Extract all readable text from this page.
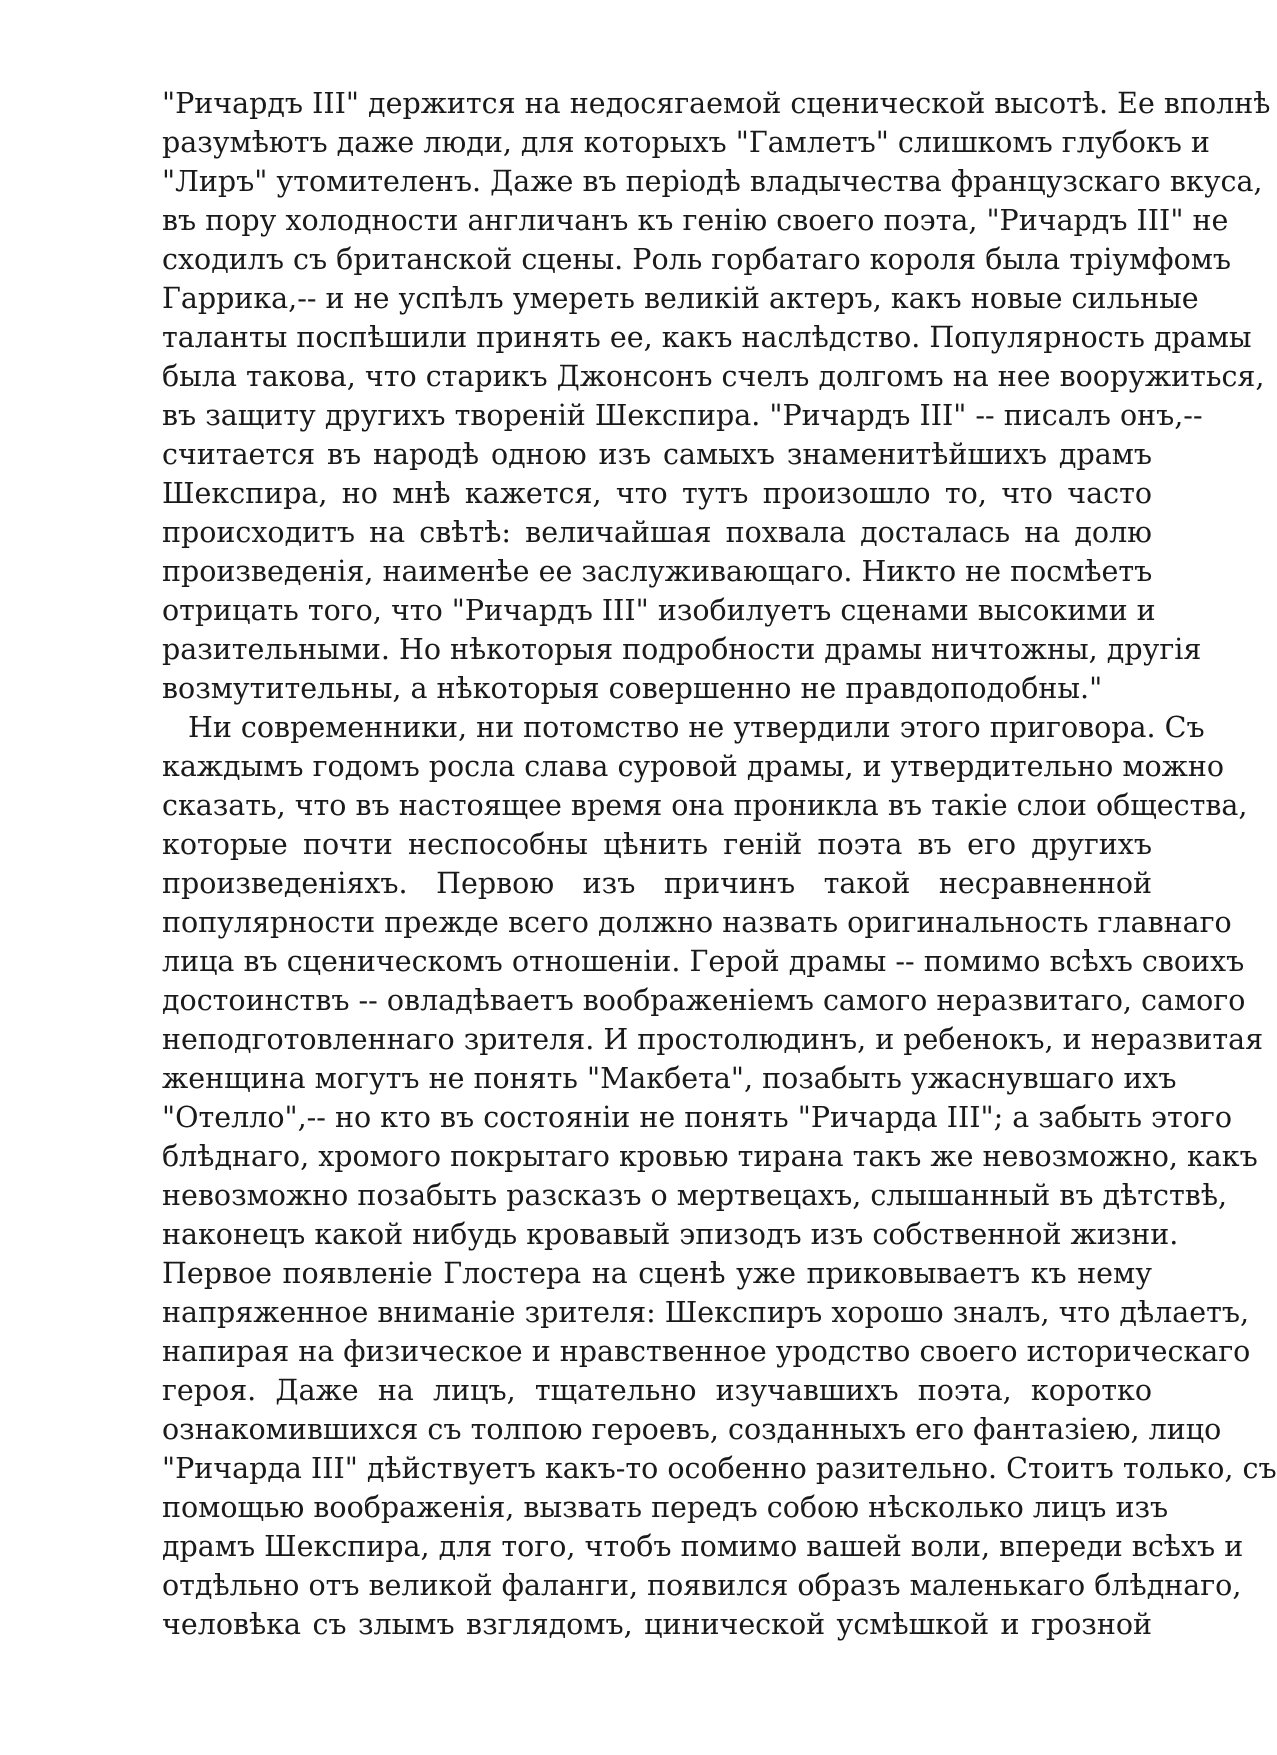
"Ричардъ III" держится на недосягаемой сценической высотѣ. Ее вполнѣ
разумѣютъ даже люди, для которыхъ "Гамлетъ" слишкомъ глубокъ и
"Лиръ" утомителенъ. Даже въ періодѣ владычества французскаго вкуса,
въ пору холодности англичанъ къ генію своего поэта, "Ричардъ III" не
сходилъ съ британской сцены. Роль горбатаго короля была тріумфомъ
Гаррика,-- и не успѣлъ умереть великій актеръ, какъ новые сильные
таланты поспѣшили принять ее, какъ наслѣдство. Популярность драмы
была такова, что старикъ Джонсонъ счелъ долгомъ на нее вооружиться,
въ защиту другихъ твореній Шекспира. "Ричардъ III" -- писалъ онъ,--
считается въ народѣ одною изъ самыхъ знаменитѣйшихъ драмъ
Шекспира, но мнѣ кажется, что тутъ произошло то, что часто
происходитъ на свѣтѣ: величайшая похвала досталась на долю
произведенія, наименѣе ее заслуживающаго. Никто не посмѣетъ
отрицать того, что "Ричардъ III" изобилуетъ сценами высокими и
разительными. Но нѣкоторыя подробности драмы ничтожны, другія
возмутительны, а нѣкоторыя совершенно не правдоподобны."
Ни современники, ни потомство не утвердили этого приговора. Съ
каждымъ годомъ росла слава суровой драмы, и утвердительно можно
сказать, что въ настоящее время она проникла въ такіе слои общества,
которые почти неспособны цѣнить геній поэта въ его другихъ
произведеніяхъ. Первою изъ причинъ такой несравненной
популярности прежде всего должно назвать оригинальность главнаго
лица въ сценическомъ отношеніи. Герой драмы -- помимо всѣхъ своихъ
достоинствъ -- овладѣваетъ воображеніемъ самого неразвитаго, самого
неподготовленнаго зрителя. И простолюдинъ, и ребенокъ, и неразвитая
женщина могутъ не понять "Макбета", позабыть ужаснувшаго ихъ
"Отелло",-- но кто въ состояніи не понять "Ричарда III"; а забыть этого
блѣднаго, хромого покрытаго кровью тирана такъ же невозможно, какъ
невозможно позабыть разсказъ о мертвецахъ, слышанный въ дѣтствѣ,
наконецъ какой нибудь кровавый эпизодъ изъ собственной жизни.
Первое появленіе Глостера на сценѣ уже приковываетъ къ нему
напряженное вниманіе зрителя: Шекспиръ хорошо зналъ, что дѣлаетъ,
напирая на физическое и нравственное уродство своего историческаго
героя. Даже на лицъ, тщательно изучавшихъ поэта, коротко
ознакомившихся съ толпою героевъ, созданныхъ его фантазіею, лицо
"Ричарда III" дѣйствуетъ какъ-то особенно разительно. Стоитъ только, съ
помощью воображенія, вызвать передъ собою нѣсколько лицъ изъ
драмъ Шекспира, для того, чтобъ помимо вашей воли, впереди всѣхъ и
отдѣльно отъ великой фаланги, появился образъ маленькаго блѣднаго,
человѣка съ злымъ взглядомъ, цинической усмѣшкой и грозной
